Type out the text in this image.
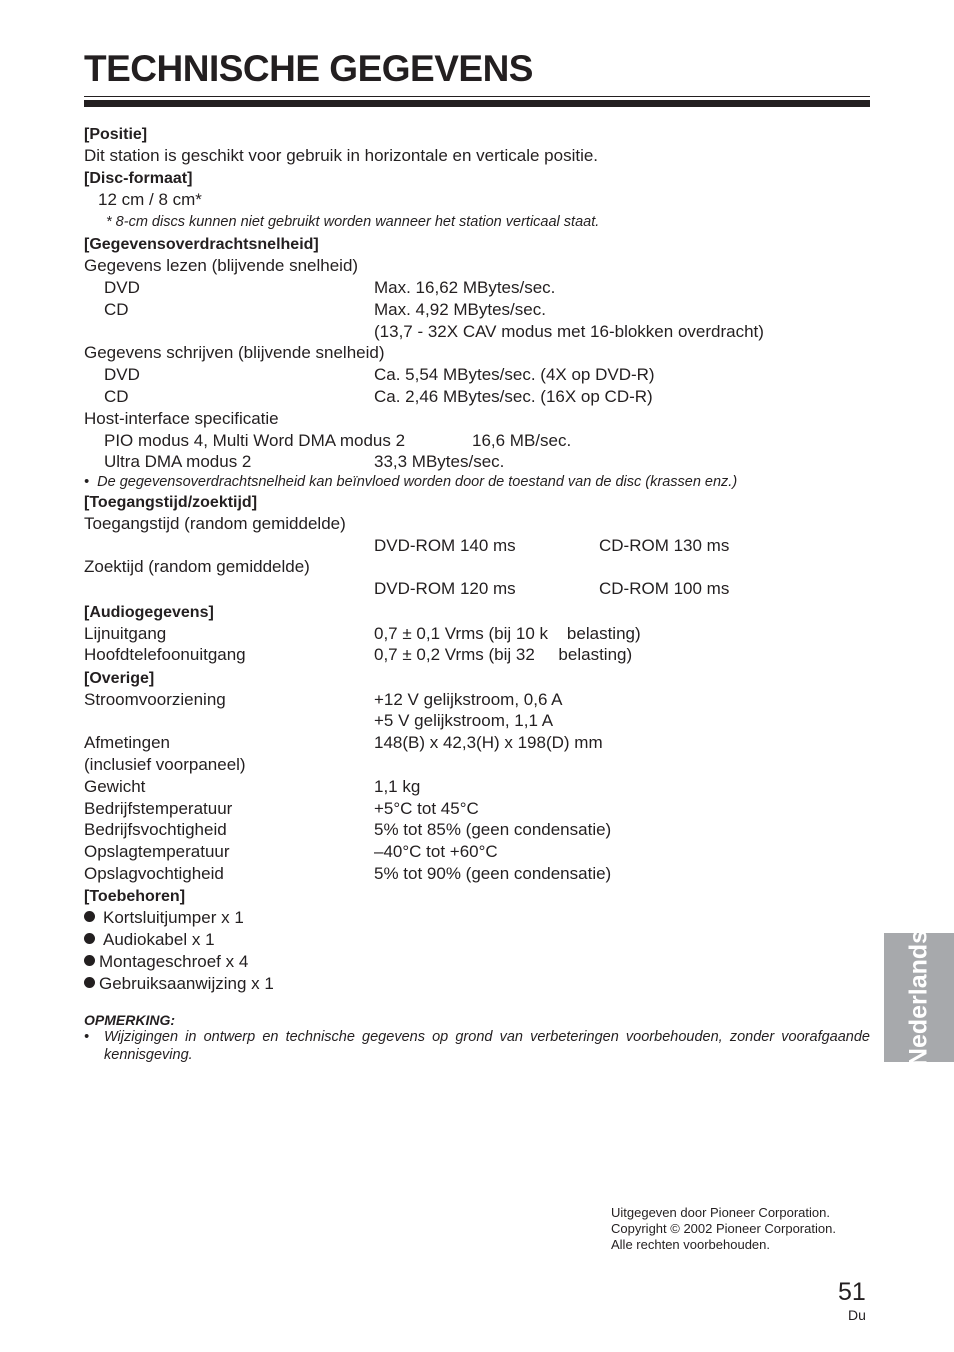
TECHNISCHE GEGEVENS
[Positie]
Dit station is geschikt voor gebruik in horizontale en verticale positie.
[Disc-formaat]
12 cm / 8 cm*
* 8-cm discs kunnen niet gebruikt worden wanneer het station verticaal staat.
[Gegevensoverdrachtsnelheid]
Gegevens lezen (blijvende snelheid)
DVD	Max. 16,62 MBytes/sec.
CD	Max. 4,92 MBytes/sec.
(13,7 - 32X CAV modus met 16-blokken overdracht)
Gegevens schrijven (blijvende snelheid)
DVD	Ca. 5,54 MBytes/sec. (4X op DVD-R)
CD	Ca. 2,46 MBytes/sec. (16X op CD-R)
Host-interface specificatie
PIO modus 4, Multi Word DMA modus 2	16,6 MB/sec.
Ultra DMA modus 2	33,3 MBytes/sec.
• De gegevensoverdrachtsnelheid kan beïnvloed worden door de toestand van de disc (krassen enz.)
[Toegangstijd/zoektijd]
Toegangstijd (random gemiddelde)
DVD-ROM 140 ms	CD-ROM 130 ms
Zoektijd (random gemiddelde)
DVD-ROM 120 ms	CD-ROM 100 ms
[Audiogegevens]
Lijnuitgang	0,7 ± 0,1 Vrms (bij 10 k    belasting)
Hoofdtelefoonuitgang	0,7 ± 0,2 Vrms (bij 32     belasting)
[Overige]
Stroomvoorziening	+12 V gelijkstroom, 0,6 A
+5 V gelijkstroom, 1,1 A
Afmetingen	148(B) x 42,3(H) x 198(D) mm
(inclusief voorpaneel)
Gewicht	1,1 kg
Bedrijfstemperatuur	+5°C tot 45°C
Bedrijfsvochtigheid	5% tot 85% (geen condensatie)
Opslagtemperatuur	–40°C tot +60°C
Opslagvochtigheid	5% tot 90% (geen condensatie)
[Toebehoren]
Kortsluitjumper x 1
Audiokabel x 1
Montageschroef x 4
Gebruiksaanwijzing x 1
OPMERKING:
• Wijzigingen in ontwerp en technische gegevens op grond van verbeteringen voorbehouden, zonder voorafgaande kennisgeving.	Nederlands
Uitgegeven door Pioneer Corporation.
Copyright © 2002 Pioneer Corporation.
Alle rechten voorbehouden.
51
Du
